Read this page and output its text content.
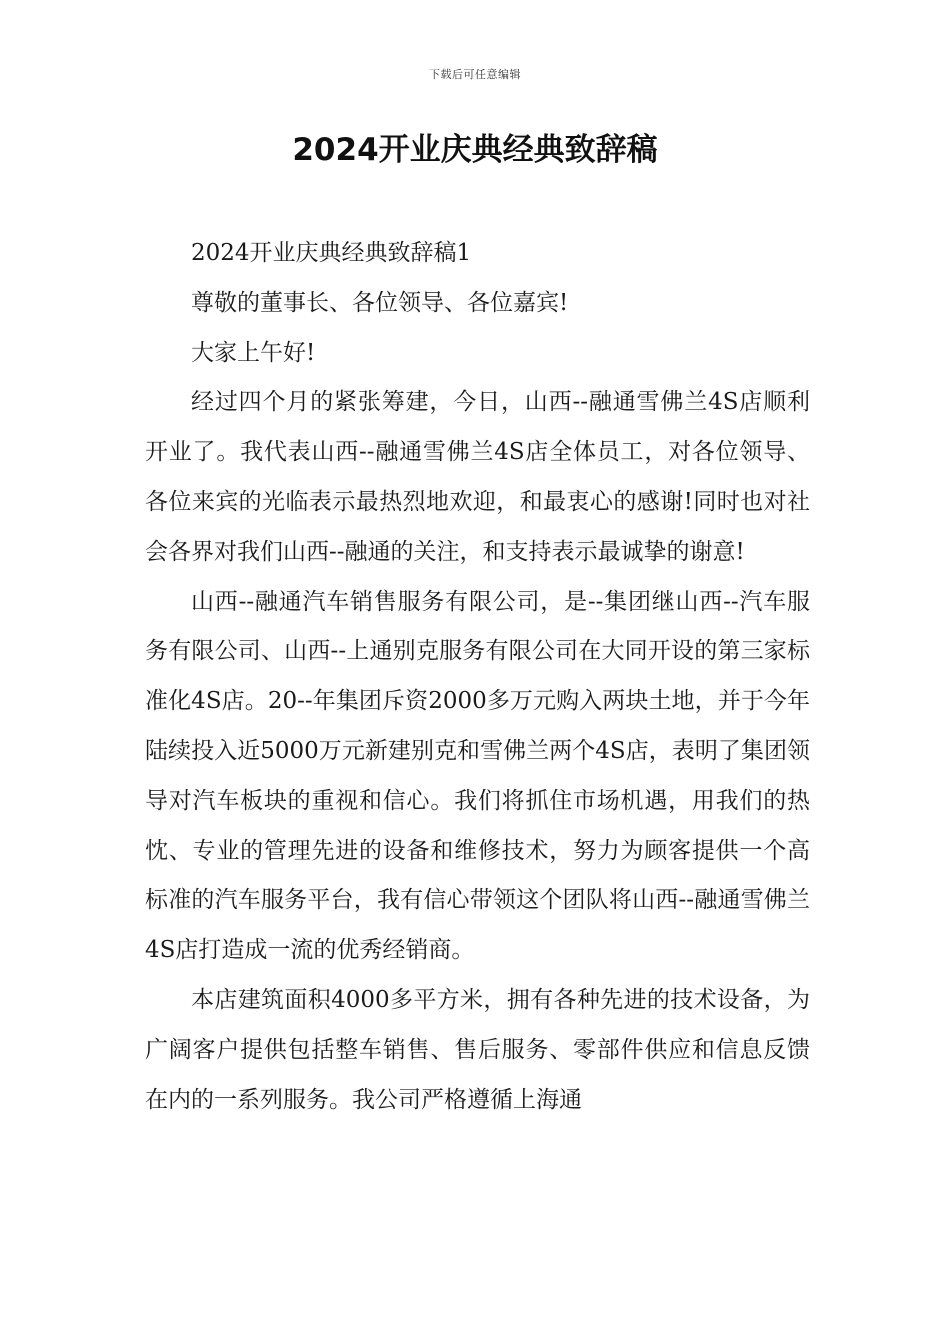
下载后可任意编辑
2024开业庆典经典致辞稿

2024开业庆典经典致辞稿1

尊敬的董事长、各位领导、各位嘉宾!

大家上午好!

经过四个月的紧张筹建，今日，山西--融通雪佛兰4S店顺利开业了。我代表山西--融通雪佛兰4S店全体员工，对各位领导、各位来宾的光临表示最热烈地欢迎，和最衷心的感谢!同时也对社会各界对我们山西--融通的关注，和支持表示最诚挚的谢意!

山西--融通汽车销售服务有限公司，是--集团继山西--汽车服务有限公司、山西--上通别克服务有限公司在大同开设的第三家标准化4S店。20--年集团斥资2000多万元购入两块土地，并于今年陆续投入近5000万元新建别克和雪佛兰两个4S店，表明了集团领导对汽车板块的重视和信心。我们将抓住市场机遇，用我们的热忱、专业的管理先进的设备和维修技术，努力为顾客提供一个高标准的汽车服务平台，我有信心带领这个团队将山西--融通雪佛兰4S店打造成一流的优秀经销商。

本店建筑面积4000多平方米，拥有各种先进的技术设备，为广阔客户提供包括整车销售、售后服务、零部件供应和信息反馈在内的一系列服务。我公司严格遵循上海通
